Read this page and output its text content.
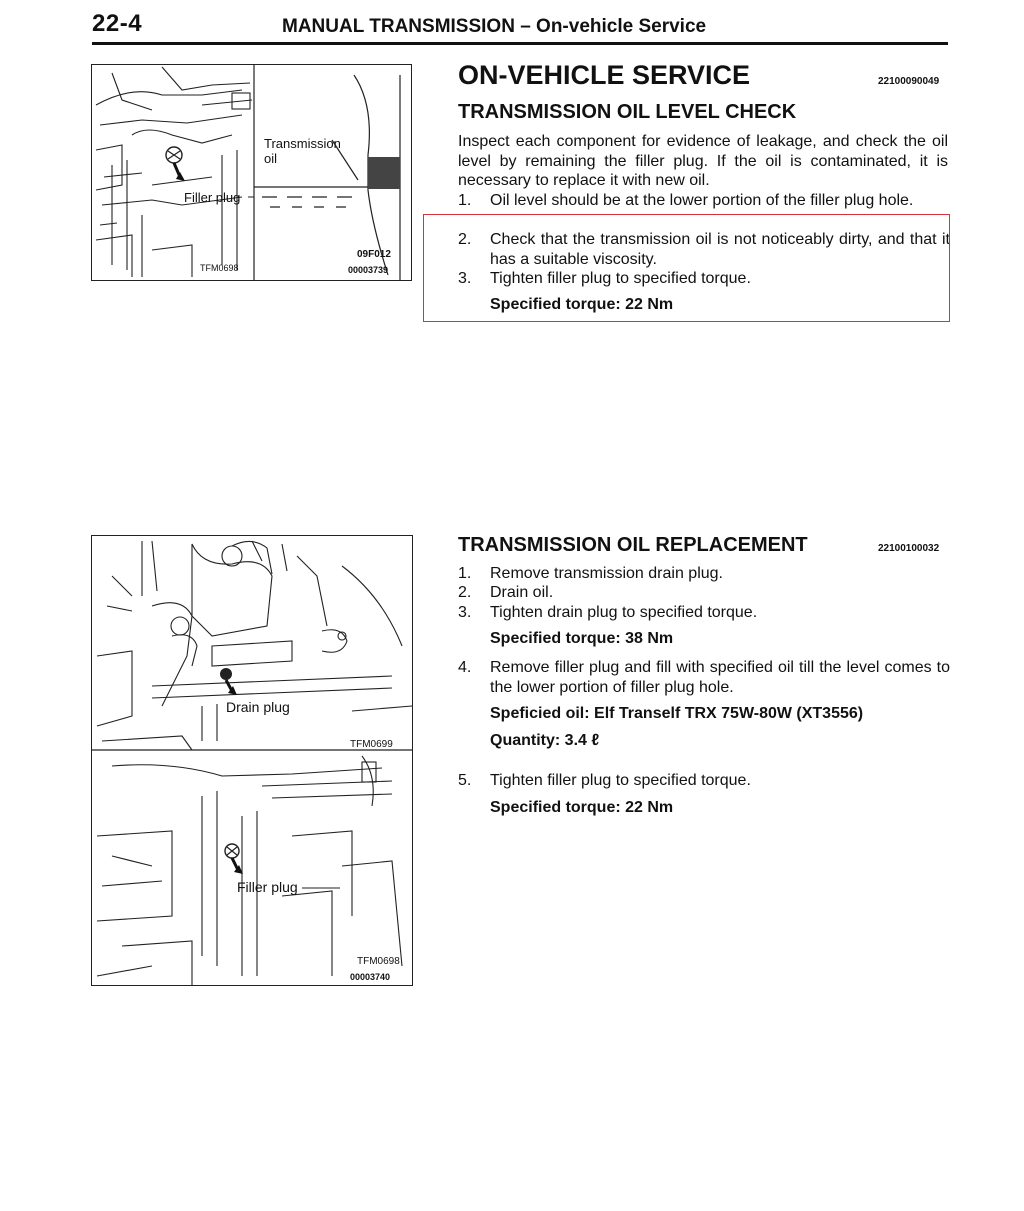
22-4	MANUAL TRANSMISSION – On-vehicle Service
Filler plug
TFM0698
Transmission
oil
09F012
00003739
ON-VEHICLE SERVICE	22100090049
TRANSMISSION OIL LEVEL CHECK
Inspect each component for evidence of leakage, and check the oil level by remaining the filler plug. If the oil is contaminated, it is necessary to replace it with new oil.
1.	Oil level should be at the lower portion of the filler plug hole.
2.	Check that the transmission oil is not noticeably dirty, and that it has a suitable viscosity.
3.	Tighten filler plug to specified torque.
Specified torque: 22 Nm
Drain plug
TFM0699
Filler plug
TFM0698
00003740
TRANSMISSION OIL REPLACEMENT	22100100032
1.	Remove transmission drain plug.
2.	Drain oil.
3.	Tighten drain plug to specified torque.
Specified torque: 38 Nm
4.	Remove filler plug and fill with specified oil till the level comes to the lower portion of filler plug hole.
Speficied oil: Elf Tranself TRX 75W-80W (XT3556)
Quantity: 3.4 ℓ
5.	Tighten filler plug to specified torque.
Specified torque: 22 Nm
